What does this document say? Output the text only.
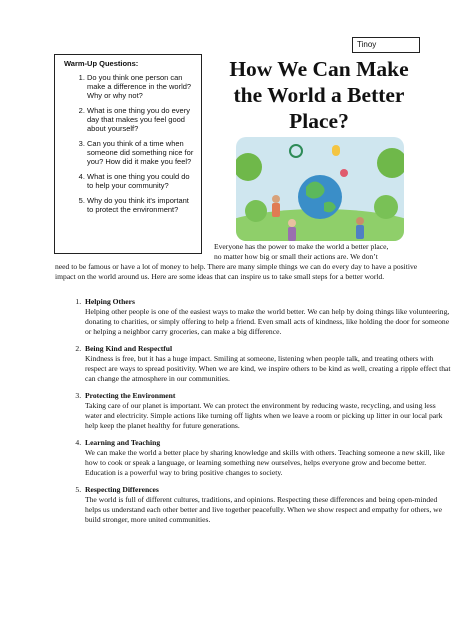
Tinoy
Warm-Up Questions:
1. Do you think one person can make a difference in the world? Why or why not?
2. What is one thing you do every day that makes you feel good about yourself?
3. Can you think of a time when someone did something nice for you? How did it make you feel?
4. What is one thing you could do to help your community?
5. Why do you think it's important to protect the environment?
How We Can Make the World a Better Place?
Everyone has the power to make the world a better place,
no matter how big or small their actions are. We don’t
need to be famous or have a lot of money to help. There are many simple things we can do every day to have a positive impact on the world around us. Here are some ideas that can inspire us to take small steps for a better world.
1. Helping Others

Helping other people is one of the easiest ways to make the world better. We can help by doing things like volunteering, donating to charities, or simply offering to help a friend. Even small acts of kindness, like holding the door for someone or helping a neighbor carry groceries, can make a big difference.

2. Being Kind and Respectful

Kindness is free, but it has a huge impact. Smiling at someone, listening when people talk, and treating others with respect are ways to spread positivity. When we are kind, we inspire others to be kind as well, creating a ripple effect that can change the atmosphere in our communities.

3. Protecting the Environment

Taking care of our planet is important. We can protect the environment by reducing waste, recycling, and using less water and electricity. Simple actions like turning off lights when we leave a room or picking up litter in our local park help keep the planet healthy for future generations.

4. Learning and Teaching

We can make the world a better place by sharing knowledge and skills with others. Teaching someone a new skill, like how to cook or speak a language, or learning something new ourselves, helps everyone grow and become better. Education is a powerful way to bring positive changes to society.

5. Respecting Differences

The world is full of different cultures, traditions, and opinions. Respecting these differences and being open-minded helps us understand each other better and live together peacefully. When we show respect and empathy for others, we build stronger, more united communities.
